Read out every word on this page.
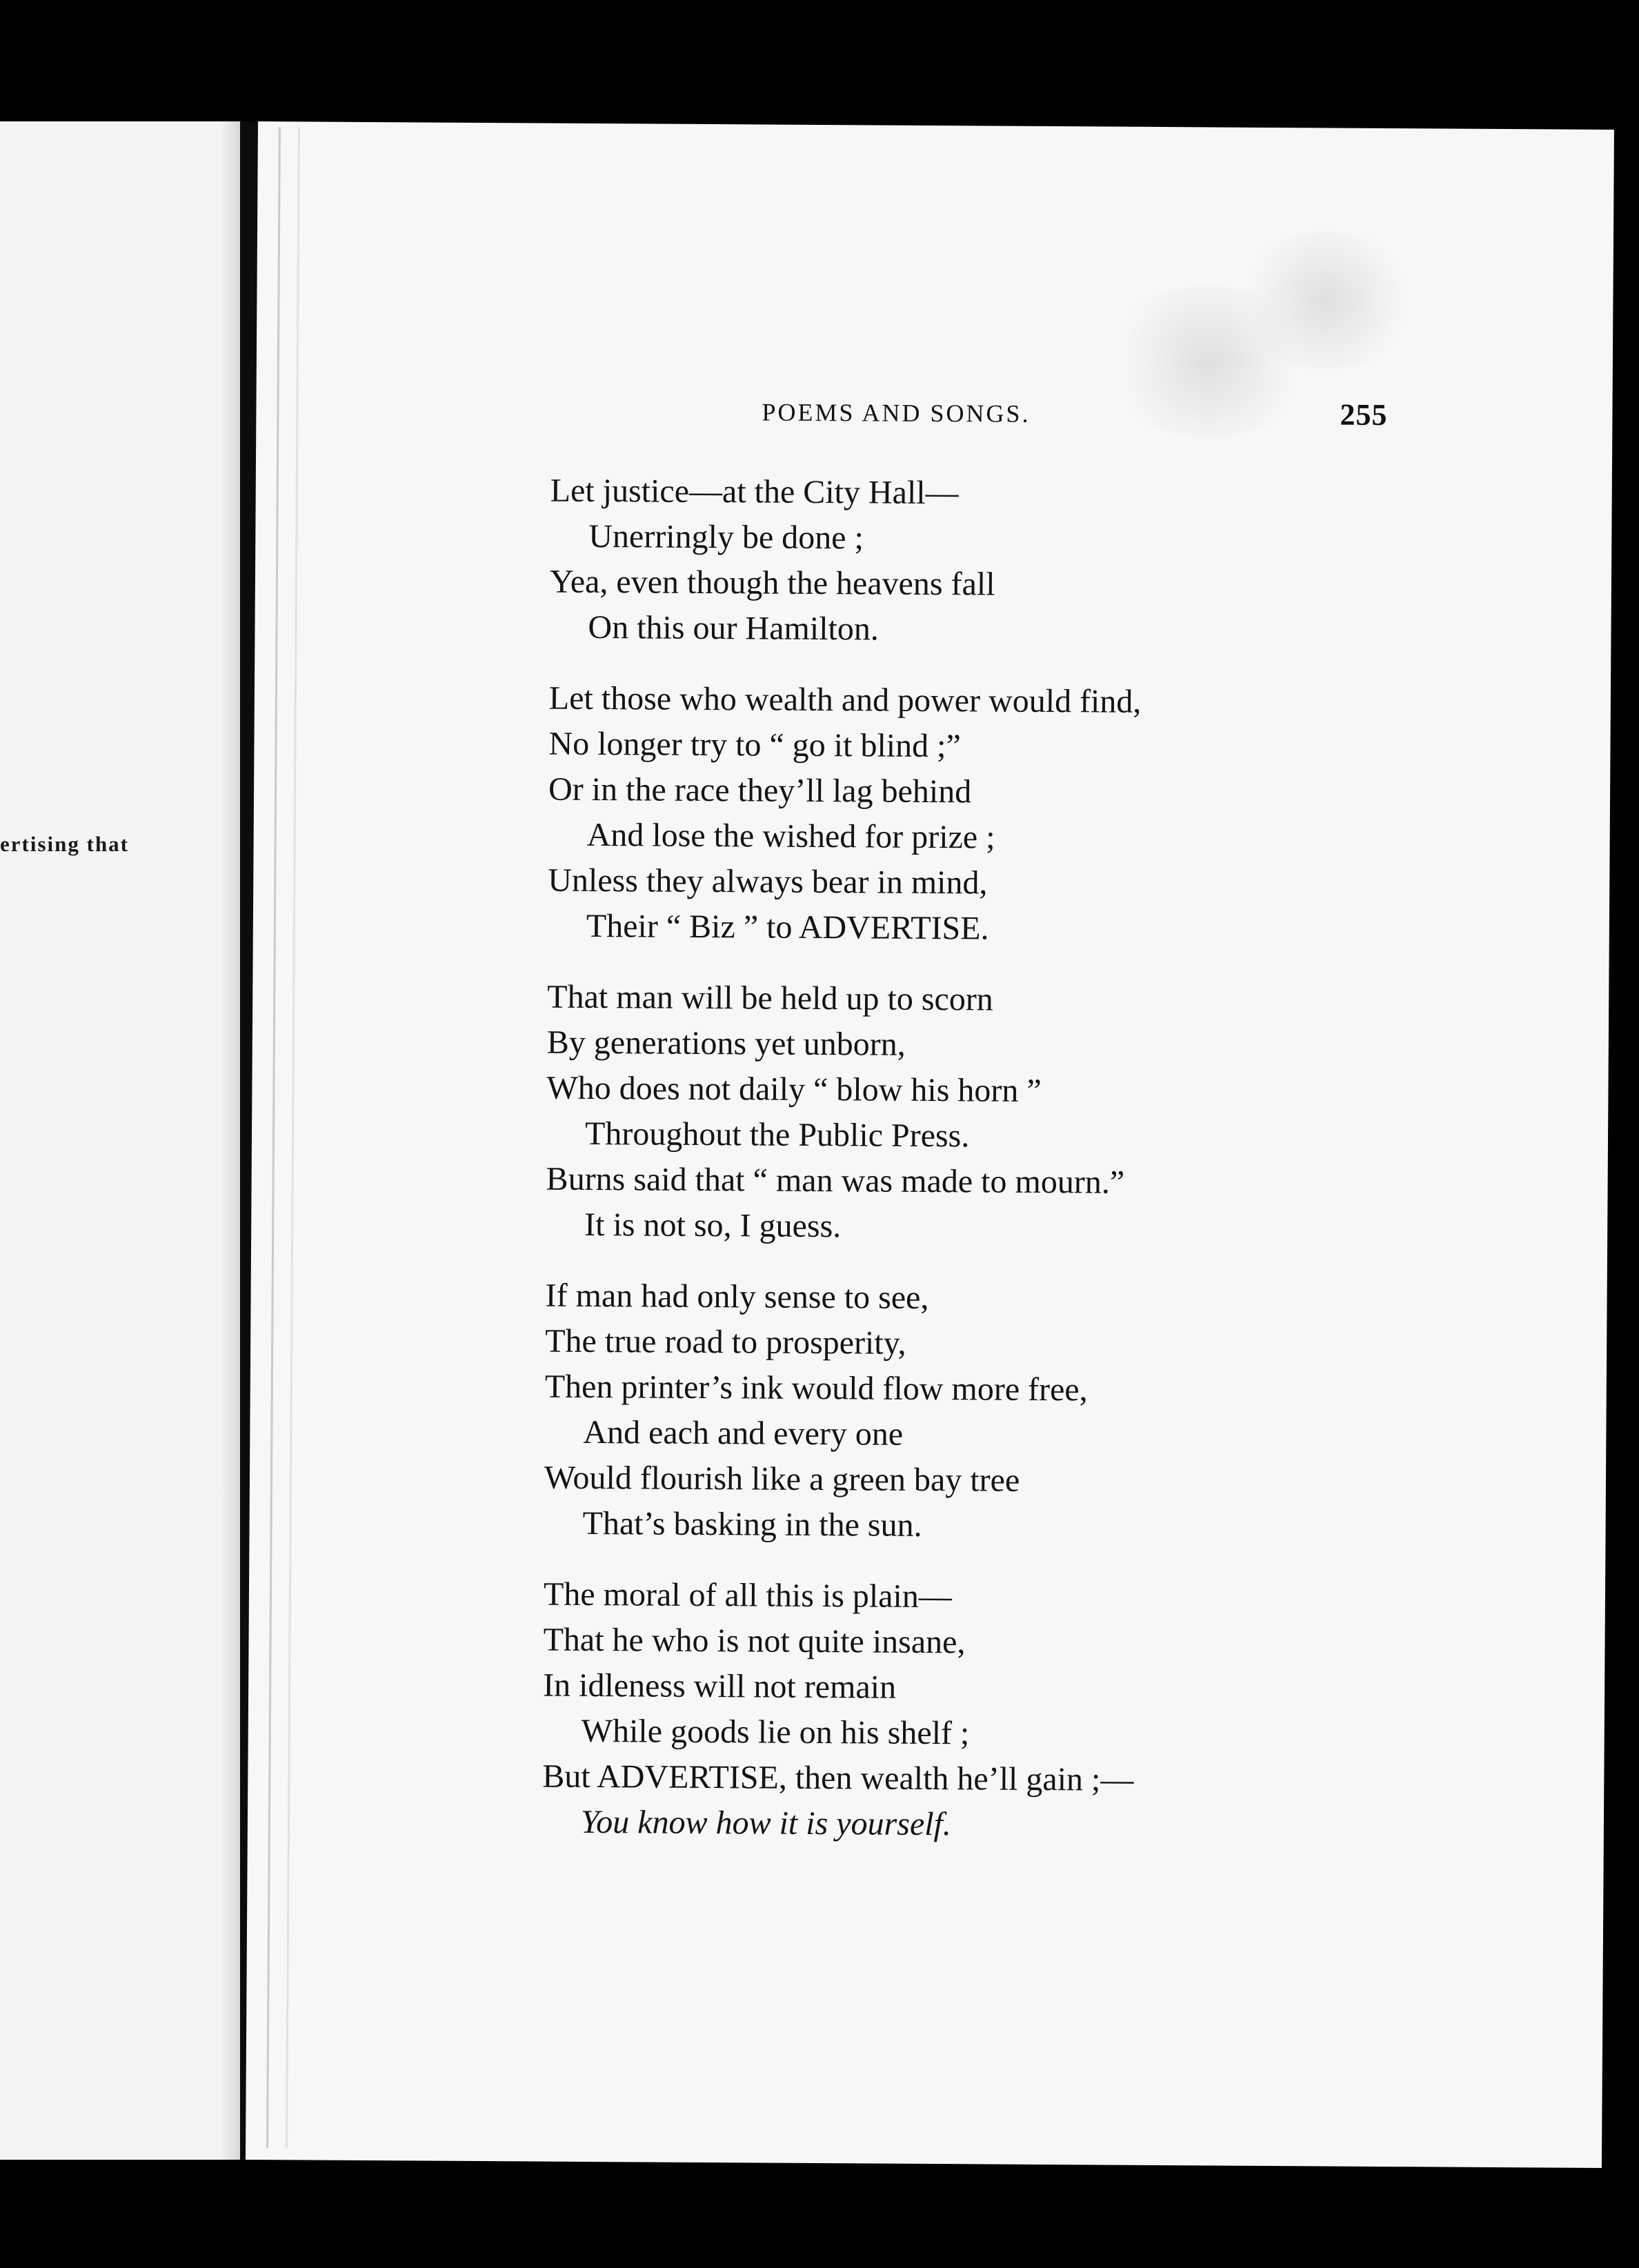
ertising that
POEMS AND SONGS.	255
Let justice—at the City Hall—
Unerringly be done ;
Yea, even though the heavens fall
On this our Hamilton.
Let those who wealth and power would find,
No longer try to “ go it blind ;”
Or in the race they’ll lag behind
And lose the wished for prize ;
Unless they always bear in mind,
Their “ Biz ” to ADVERTISE.
That man will be held up to scorn
By generations yet unborn,
Who does not daily “ blow his horn ”
Throughout the Public Press.
Burns said that “ man was made to mourn.”
It is not so, I guess.
If man had only sense to see,
The true road to prosperity,
Then printer’s ink would flow more free,
And each and every one
Would flourish like a green bay tree
That’s basking in the sun.
The moral of all this is plain—
That he who is not quite insane,
In idleness will not remain
While goods lie on his shelf ;
But ADVERTISE, then wealth he’ll gain ;—
You know how it is yourself.
